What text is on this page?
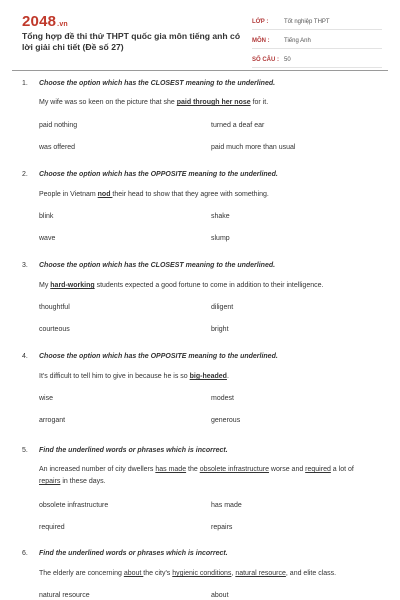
2048.vn
Tổng hợp đề thi thử THPT quốc gia môn tiếng anh có lời giải chi tiết (Đề số 27)
LỚP :	Tốt nghiệp THPT
MÔN :	Tiếng Anh
SỐ CÂU : 50
1. Choose the option which has the CLOSEST meaning to the underlined.
My wife was so keen on the picture that she paid through her nose for it.
paid nothing	turned a deaf ear
was offered	paid much more than usual
2. Choose the option which has the OPPOSITE meaning to the underlined.
People in Vietnam nod their head to show that they agree with something.
blink	shake
wave	slump
3. Choose the option which has the CLOSEST meaning to the underlined.
My hard-working students expected a good fortune to come in addition to their intelligence.
thoughtful	diligent
courteous	bright
4. Choose the option which has the OPPOSITE meaning to the underlined.
It's difficult to tell him to give in because he is so big-headed.
wise	modest
arrogant	generous
5. Find the underlined words or phrases which is incorrect.
An increased number of city dwellers has made the obsolete infrastructure worse and required a lot of repairs in these days.
obsolete infrastructure	has made
required	repairs
6. Find the underlined words or phrases which is incorrect.
The elderly are concerning about the city's hygienic conditions, natural resource, and elite class.
natural resource	about
